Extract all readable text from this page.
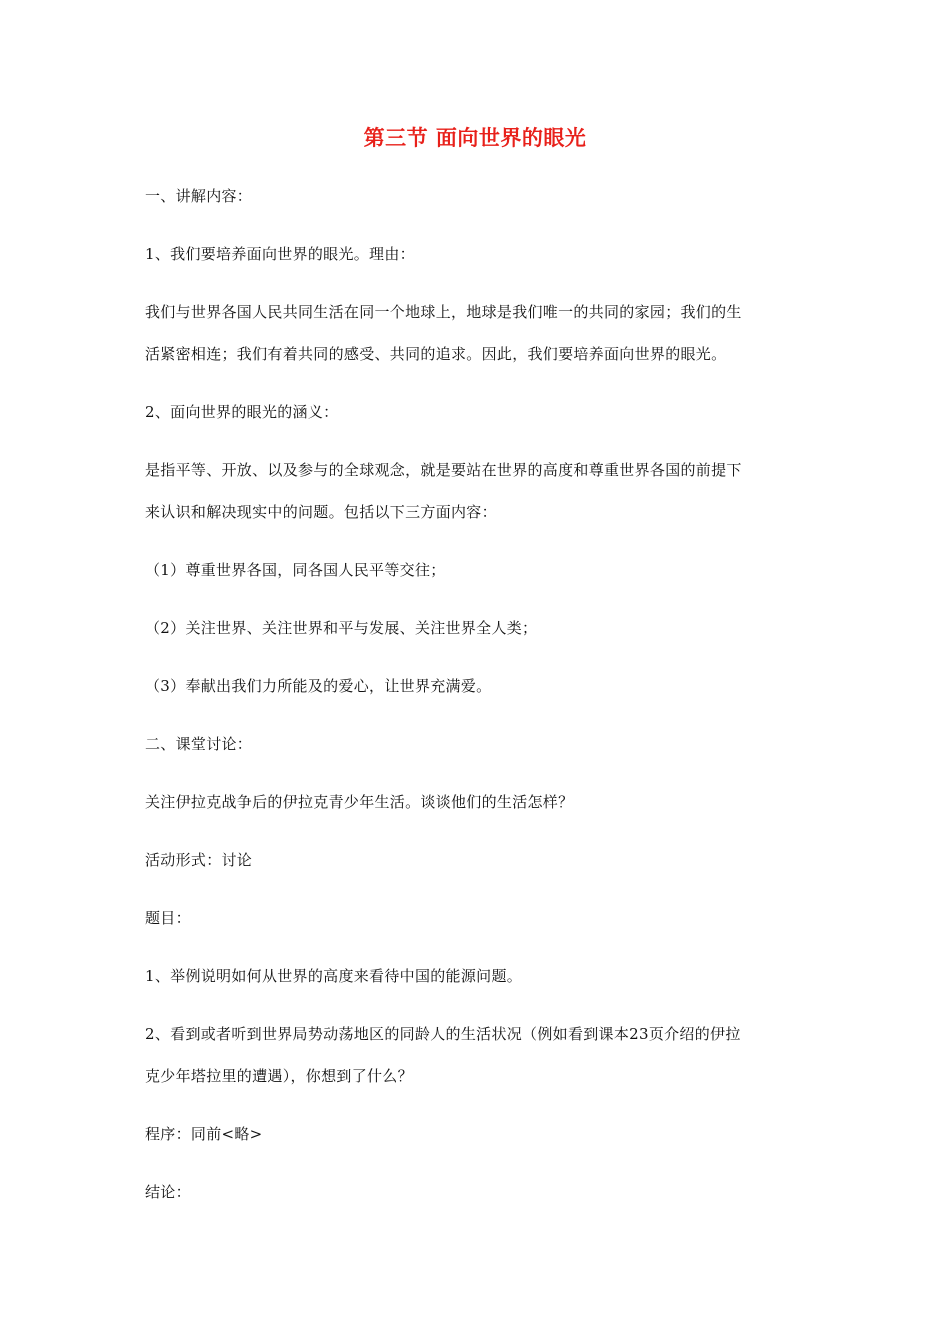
第三节 面向世界的眼光
一、讲解内容：
1、我们要培养面向世界的眼光。理由：
我们与世界各国人民共同生活在同一个地球上，地球是我们唯一的共同的家园；我们的生
活紧密相连；我们有着共同的感受、共同的追求。因此，我们要培养面向世界的眼光。
2、面向世界的眼光的涵义：
是指平等、开放、以及参与的全球观念，就是要站在世界的高度和尊重世界各国的前提下
来认识和解决现实中的问题。包括以下三方面内容：
（1）尊重世界各国，同各国人民平等交往；
（2）关注世界、关注世界和平与发展、关注世界全人类；
（3）奉献出我们力所能及的爱心，让世界充满爱。
二、课堂讨论：
关注伊拉克战争后的伊拉克青少年生活。谈谈他们的生活怎样？
活动形式：讨论
题目：
1、举例说明如何从世界的高度来看待中国的能源问题。
2、看到或者听到世界局势动荡地区的同龄人的生活状况（例如看到课本23页介绍的伊拉
克少年塔拉里的遭遇），你想到了什么？
程序：同前<略>
结论：
